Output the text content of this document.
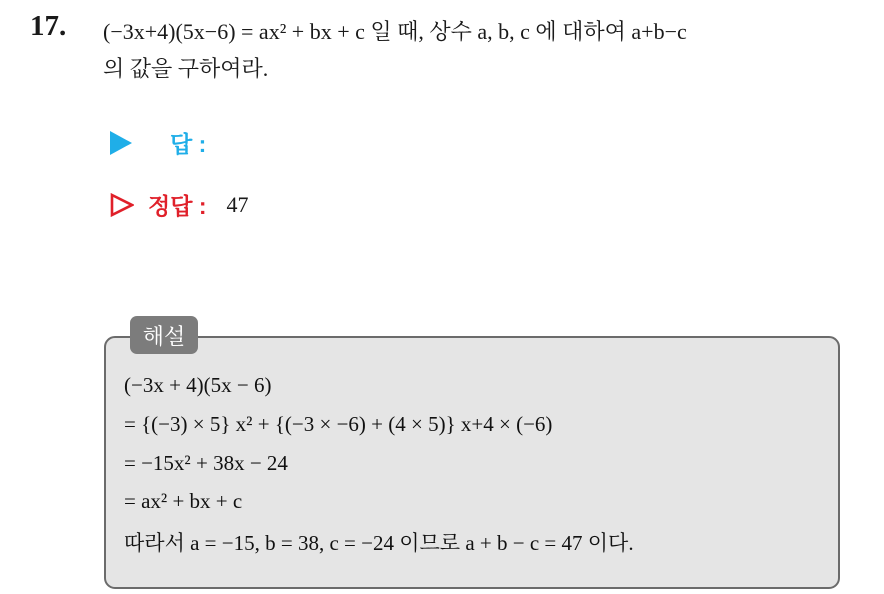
17. (−3x+4)(5x−6) = ax² + bx + c 일 때, 상수 a, b, c 에 대하여 a+b−c
의 값을 구하여라.
답 :
정답 : 47
해설
(−3x + 4)(5x − 6)
= {(−3) × 5} x² + {(−3 × −6) + (4 × 5)} x+4 × (−6)
= −15x² + 38x − 24
= ax² + bx + c
따라서 a = −15, b = 38, c = −24 이므로 a + b − c = 47 이다.
